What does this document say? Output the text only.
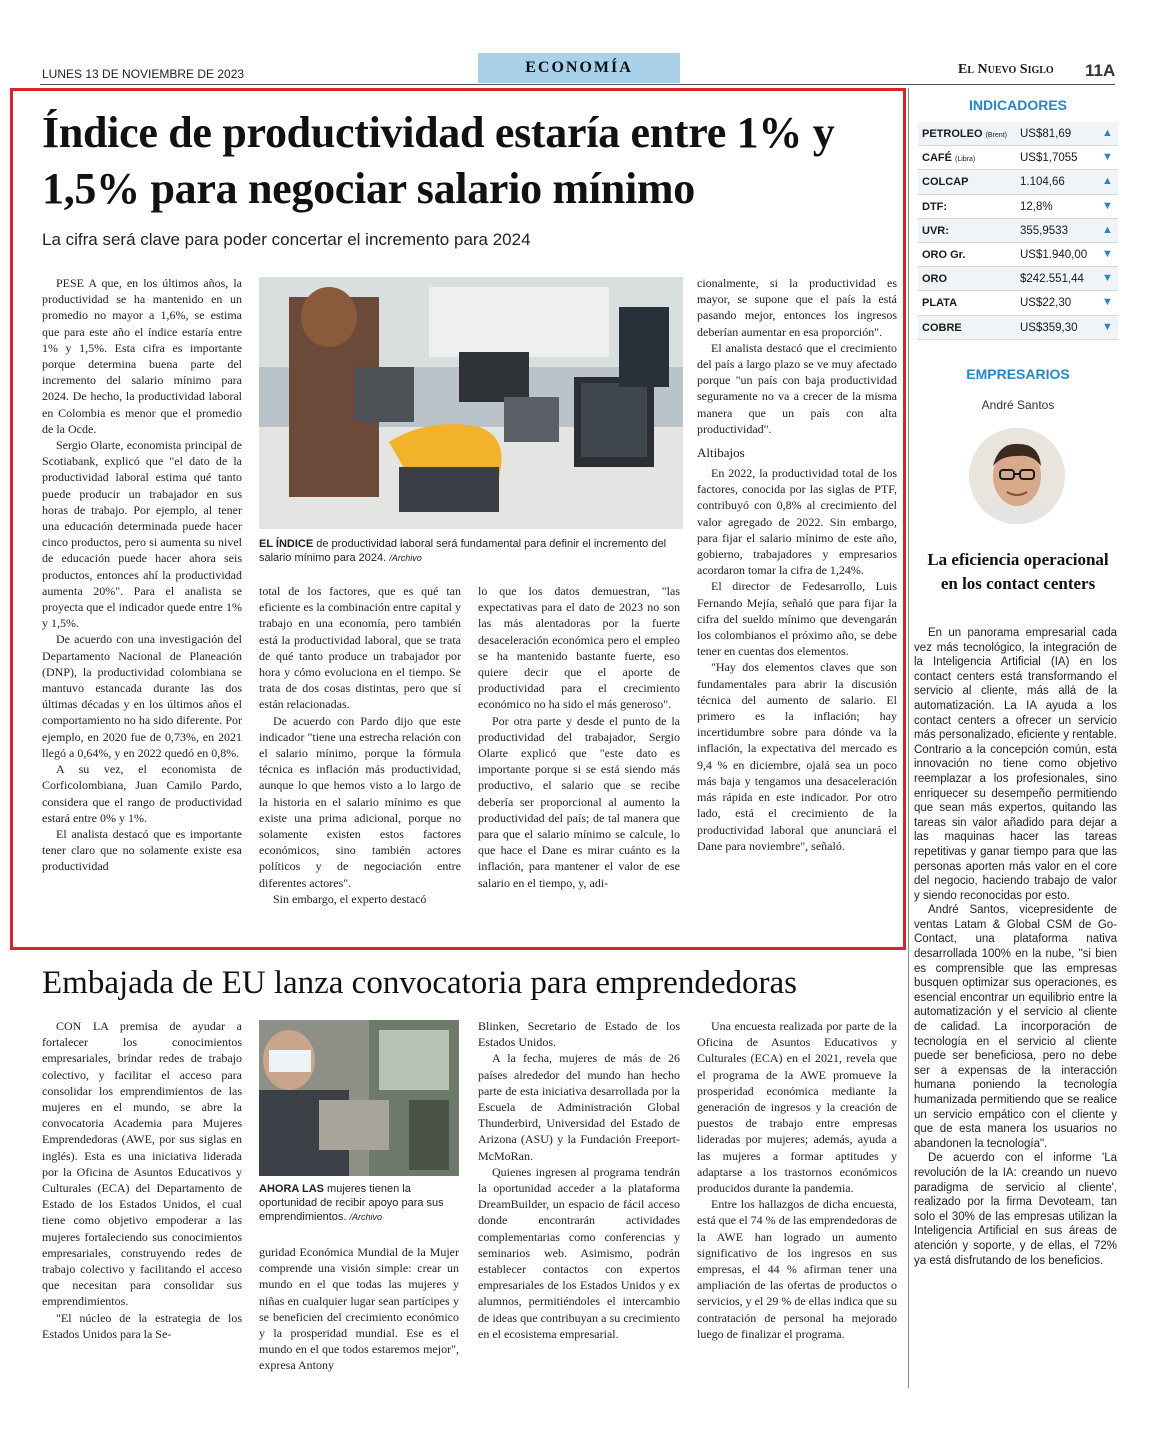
LUNES 13 DE NOVIEMBRE DE 2023	ECONOMÍA	El Nuevo Siglo 11A
Índice de productividad estaría entre 1% y 1,5% para negociar salario mínimo
La cifra será clave para poder concertar el incremento para 2024

PESE A que, en los últimos años, la productividad se ha mantenido en un promedio no mayor a 1,6%, se estima que para este año el índice estaría entre 1% y 1,5%. Esta cifra es importante porque determina buena parte del incremento del salario mínimo para 2024. De hecho, la productividad laboral en Colombia es menor que el promedio de la Ocde.

Sergio Olarte, economista principal de Scotiabank, explicó que "el dato de la productividad laboral estima qué tanto puede producir un trabajador en sus horas de trabajo. Por ejemplo, al tener una educación determinada puede hacer cinco productos, pero si aumenta su nivel de educación puede hacer ahora seis productos, entonces ahí la productividad aumenta 20%". Para el analista se proyecta que el indicador quede entre 1% y 1,5%.

De acuerdo con una investigación del Departamento Nacional de Planeación (DNP), la productividad colombiana se mantuvo estancada durante las dos últimas décadas y en los últimos años el comportamiento no ha sido diferente. Por ejemplo, en 2020 fue de 0,73%, en 2021 llegó a 0,64%, y en 2022 quedó en 0,8%.

A su vez, el economista de Corficolombiana, Juan Camilo Pardo, considera que el rango de productividad estará entre 0% y 1%.

El analista destacó que es importante tener claro que no solamente existe esa productividad

EL ÍNDICE de productividad laboral será fundamental para definir el incremento del salario mínimo para 2024. /Archivo

total de los factores, que es qué tan eficiente es la combinación entre capital y trabajo en una economía, pero también está la productividad laboral, que se trata de qué tanto produce un trabajador por hora y cómo evoluciona en el tiempo. Se trata de dos cosas distintas, pero que sí están relacionadas.

De acuerdo con Pardo dijo que este indicador "tiene una estrecha relación con el salario mínimo, porque la fórmula técnica es inflación más productividad, aunque lo que hemos visto a lo largo de la historia en el salario mínimo es que existe una prima adicional, porque no solamente existen estos factores económicos, sino también actores políticos y de negociación entre diferentes actores".

Sin embargo, el experto destacó

lo que los datos demuestran, "las expectativas para el dato de 2023 no son las más alentadoras por la fuerte desaceleración económica pero el empleo se ha mantenido bastante fuerte, eso quiere decir que el aporte de productividad para el crecimiento económico no ha sido el más generoso".

Por otra parte y desde el punto de la productividad del trabajador, Sergio Olarte explicó que "este dato es importante porque si se está siendo más productivo, el salario que se recibe debería ser proporcional al aumento la productividad del país; de tal manera que para que el salario mínimo se calcule, lo que hace el Dane es mirar cuánto es la inflación, para mantener el valor de ese salario en el tiempo, y, adi-

cionalmente, si la productividad es mayor, se supone que el país la está pasando mejor, entonces los ingresos deberían aumentar en esa proporción".

El analista destacó que el crecimiento del país a largo plazo se ve muy afectado porque "un país con baja productividad seguramente no va a crecer de la misma manera que un país con alta productividad".

Altibajos

En 2022, la productividad total de los factores, conocida por las siglas de PTF, contribuyó con 0,8% al crecimiento del valor agregado de 2022. Sin embargo, para fijar el salario mínimo de este año, gobierno, trabajadores y empresarios acordaron tomar la cifra de 1,24%.

El director de Fedesarrollo, Luis Fernando Mejía, señaló que para fijar la cifra del sueldo mínimo que devengarán los colombianos el próximo año, se debe tener en cuentas dos elementos.

"Hay dos elementos claves que son fundamentales para abrir la discusión técnica del aumento de salario. El primero es la inflación; hay incertidumbre sobre para dónde va la inflación, la expectativa del mercado es 9,4 % en diciembre, ojalá sea un poco más baja y tengamos una desaceleración más rápida en este indicador. Por otro lado, está el crecimiento de la productividad laboral que anunciará el Dane para noviembre", señaló.

Embajada de EU lanza convocatoria para emprendedoras

CON LA premisa de ayudar a fortalecer los conocimientos empresariales, brindar redes de trabajo colectivo, y facilitar el acceso para consolidar los emprendimientos de las mujeres en el mundo, se abre la convocatoria Academia para Mujeres Emprendedoras (AWE, por sus siglas en inglés). Esta es una iniciativa liderada por la Oficina de Asuntos Educativos y Culturales (ECA) del Departamento de Estado de los Estados Unidos, el cual tiene como objetivo empoderar a las mujeres fortaleciendo sus conocimientos empresariales, construyendo redes de trabajo colectivo y facilitando el acceso que necesitan para consolidar sus emprendimientos.

"El núcleo de la estrategia de los Estados Unidos para la Se-

AHORA LAS mujeres tienen la oportunidad de recibir apoyo para sus emprendimientos. /Archivo

guridad Económica Mundial de la Mujer comprende una visión simple: crear un mundo en el que todas las mujeres y niñas en cualquier lugar sean partícipes y se beneficien del crecimiento económico y la prosperidad mundial. Ese es el mundo en el que todos estaremos mejor", expresa Antony

Blinken, Secretario de Estado de los Estados Unidos.

A la fecha, mujeres de más de 26 países alrededor del mundo han hecho parte de esta iniciativa desarrollada por la Escuela de Administración Global Thunderbird, Universidad del Estado de Arizona (ASU) y la Fundación Freeport-McMoRan.

Quienes ingresen al programa tendrán la oportunidad acceder a la plataforma DreamBuilder, un espacio de fácil acceso donde encontrarán actividades complementarias como conferencias y seminarios web. Asimismo, podrán establecer contactos con expertos empresariales de los Estados Unidos y ex alumnos, permitiéndoles el intercambio de ideas que contribuyan a su crecimiento en el ecosistema empresarial.

Una encuesta realizada por parte de la Oficina de Asuntos Educativos y Culturales (ECA) en el 2021, revela que el programa de la AWE promueve la prosperidad económica mediante la generación de ingresos y la creación de puestos de trabajo entre empresas lideradas por mujeres; además, ayuda a las mujeres a formar aptitudes y adaptarse a los trastornos económicos producidos durante la pandemia.

Entre los hallazgos de dicha encuesta, está que el 74 % de las emprendedoras de la AWE han logrado un aumento significativo de los ingresos en sus empresas, el 44 % afirman tener una ampliación de las ofertas de productos o servicios, y el 29 % de ellas indica que su contratación de personal ha mejorado luego de finalizar el programa.

INDICADORES
PETROLEO (Brent) US$81,69	▲
CAFÉ (Libra)	US$1,7055 ▼
COLCAP	1.104,66	▲
DTF:	12,8%	▼
UVR:	355,9533	▲
ORO Gr.	US$1.940,00 ▼
ORO	$242.551,44 ▼
PLATA	US$22,30	▼
COBRE	US$359,30 ▼
EMPRESARIOS
André Santos
La eficiencia operacional en los contact centers

En un panorama empresarial cada vez más tecnológico, la integración de la Inteligencia Artificial (IA) en los contact centers está transformando el servicio al cliente, más allá de la automatización. La IA ayuda a los contact centers a ofrecer un servicio más personalizado, eficiente y rentable. Contrario a la concepción común, esta innovación no tiene como objetivo reemplazar a los profesionales, sino enriquecer su desempeño permitiendo que sean más expertos, quitando las tareas sin valor añadido para dejar a las maquinas hacer las tareas repetitivas y ganar tiempo para que las personas aporten más valor en el core del negocio, haciendo trabajo de valor y siendo reconocidas por esto.

André Santos, vicepresidente de ventas Latam & Global CSM de Go-Contact, una plataforma nativa desarrollada 100% en la nube, "si bien es comprensible que las empresas busquen optimizar sus operaciones, es esencial encontrar un equilibrio entre la automatización y el servicio al cliente de calidad. La incorporación de tecnología en el servicio al cliente puede ser beneficiosa, pero no debe ser a expensas de la interacción humana poniendo la tecnología humanizada permitiendo que se realice un servicio empático con el cliente y que de esta manera los usuarios no abandonen la tecnología".

De acuerdo con el informe 'La revolución de la IA: creando un nuevo paradigma de servicio al cliente', realizado por la firma Devoteam, tan solo el 30% de las empresas utilizan la Inteligencia Artificial en sus áreas de atención y soporte, y de ellas, el 72% ya está disfrutando de los beneficios.
